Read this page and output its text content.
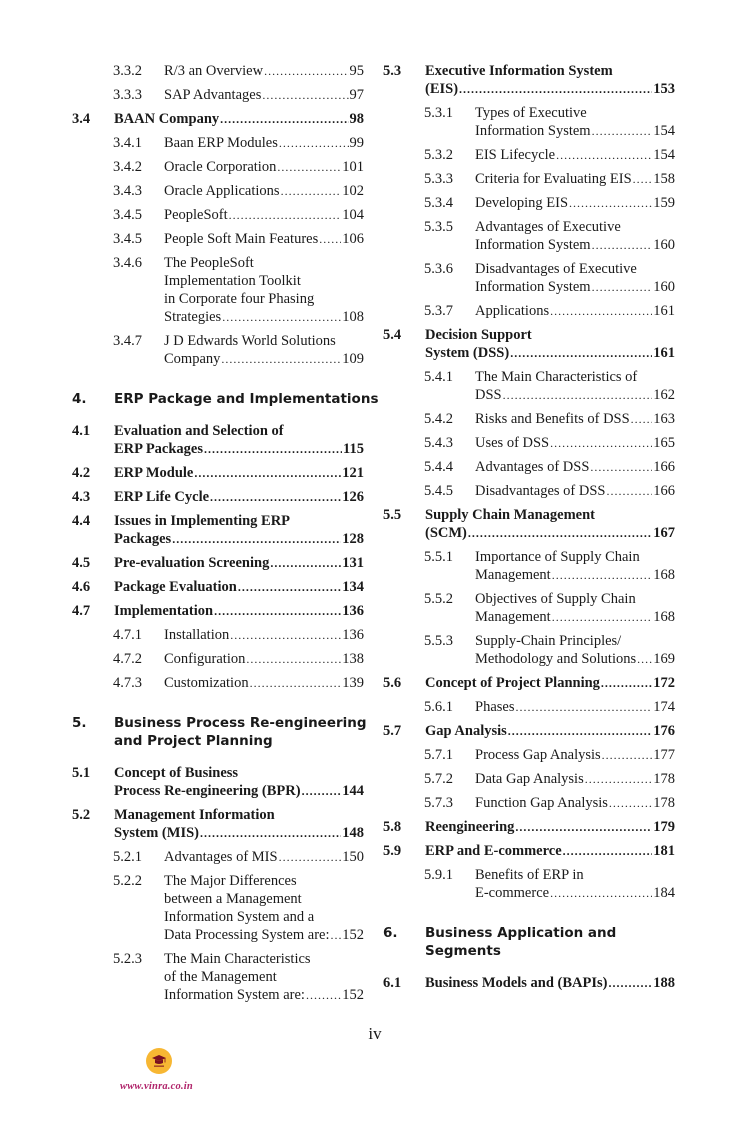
3.3.2	R/3 an Overview .....	95
3.3.3	SAP Advantages .....	97
3.4	BAAN Company .....	98
3.4.1	Baan ERP Modules .....	99
3.4.2	Oracle Corporation .....	101
3.4.3	Oracle Applications .....	102
3.4.5	PeopleSoft .....	104
3.4.5	People Soft Main Features ..... 106
3.4.6	The PeopleSoft
Implementation Toolkit
in Corporate four Phasing
Strategies .....	108
3.4.7	J D Edwards World Solutions
Company .....	109
4.	ERP Package and Implementations
4.1	Evaluation and Selection of
ERP Packages .....	115
4.2	ERP Module .....	121
4.3	ERP Life Cycle .....	126
4.4	Issues in Implementing ERP
Packages .....	128
4.5	Pre-evaluation Screening .....	131
4.6	Package Evaluation .....	134
4.7	Implementation .....	136
4.7.1	Installation .....	136
4.7.2	Configuration .....	138
4.7.3	Customization .....	139
5.	Business Process Re-engineering
and Project Planning
5.1	Concept of Business
Process Re-engineering (BPR) .....	144
5.2	Management Information
System (MIS) .....	148
5.2.1	Advantages of MIS .....	150
5.2.2	The Major Differences
between a Management
Information System and a
Data Processing System are: ..... 152
5.2.3	The Main Characteristics
of the Management
Information System are: .....	152
5.3	Executive Information System
(EIS) .....	153
5.3.1	Types of Executive
Information System .....	154
5.3.2	EIS Lifecycle .....	154
5.3.3	Criteria for Evaluating EIS ..... 158
5.3.4	Developing EIS .....	159
5.3.5	Advantages of Executive
Information System .....	160
5.3.6	Disadvantages of Executive
Information System .....	160
5.3.7	Applications .....	161
5.4	Decision Support
System (DSS) .....	161
5.4.1	The Main Characteristics of
DSS .....	162
5.4.2	Risks and Benefits of DSS ..... 163
5.4.3	Uses of DSS .....	165
5.4.4	Advantages of DSS .....	166
5.4.5	Disadvantages of DSS .....	166
5.5	Supply Chain Management
(SCM) .....	167
5.5.1	Importance of Supply Chain
Management .....	168
5.5.2	Objectives of Supply Chain
Management .....	168
5.5.3	Supply-Chain Principles/
Methodology and Solutions ..... 169
5.6	Concept of Project Planning .....	172
5.6.1	Phases .....	174
5.7	Gap Analysis .....	176
5.7.1	Process Gap Analysis .....	177
5.7.2	Data Gap Analysis .....	178
5.7.3	Function Gap Analysis .....	178
5.8	Reengineering .....	179
5.9	ERP and E-commerce .....	181
5.9.1	Benefits of ERP in
E-commerce .....	184
6.	Business Application and
Segments
6.1	Business Models and (BAPIs) .....	188
iv
www.vinra.co.in
